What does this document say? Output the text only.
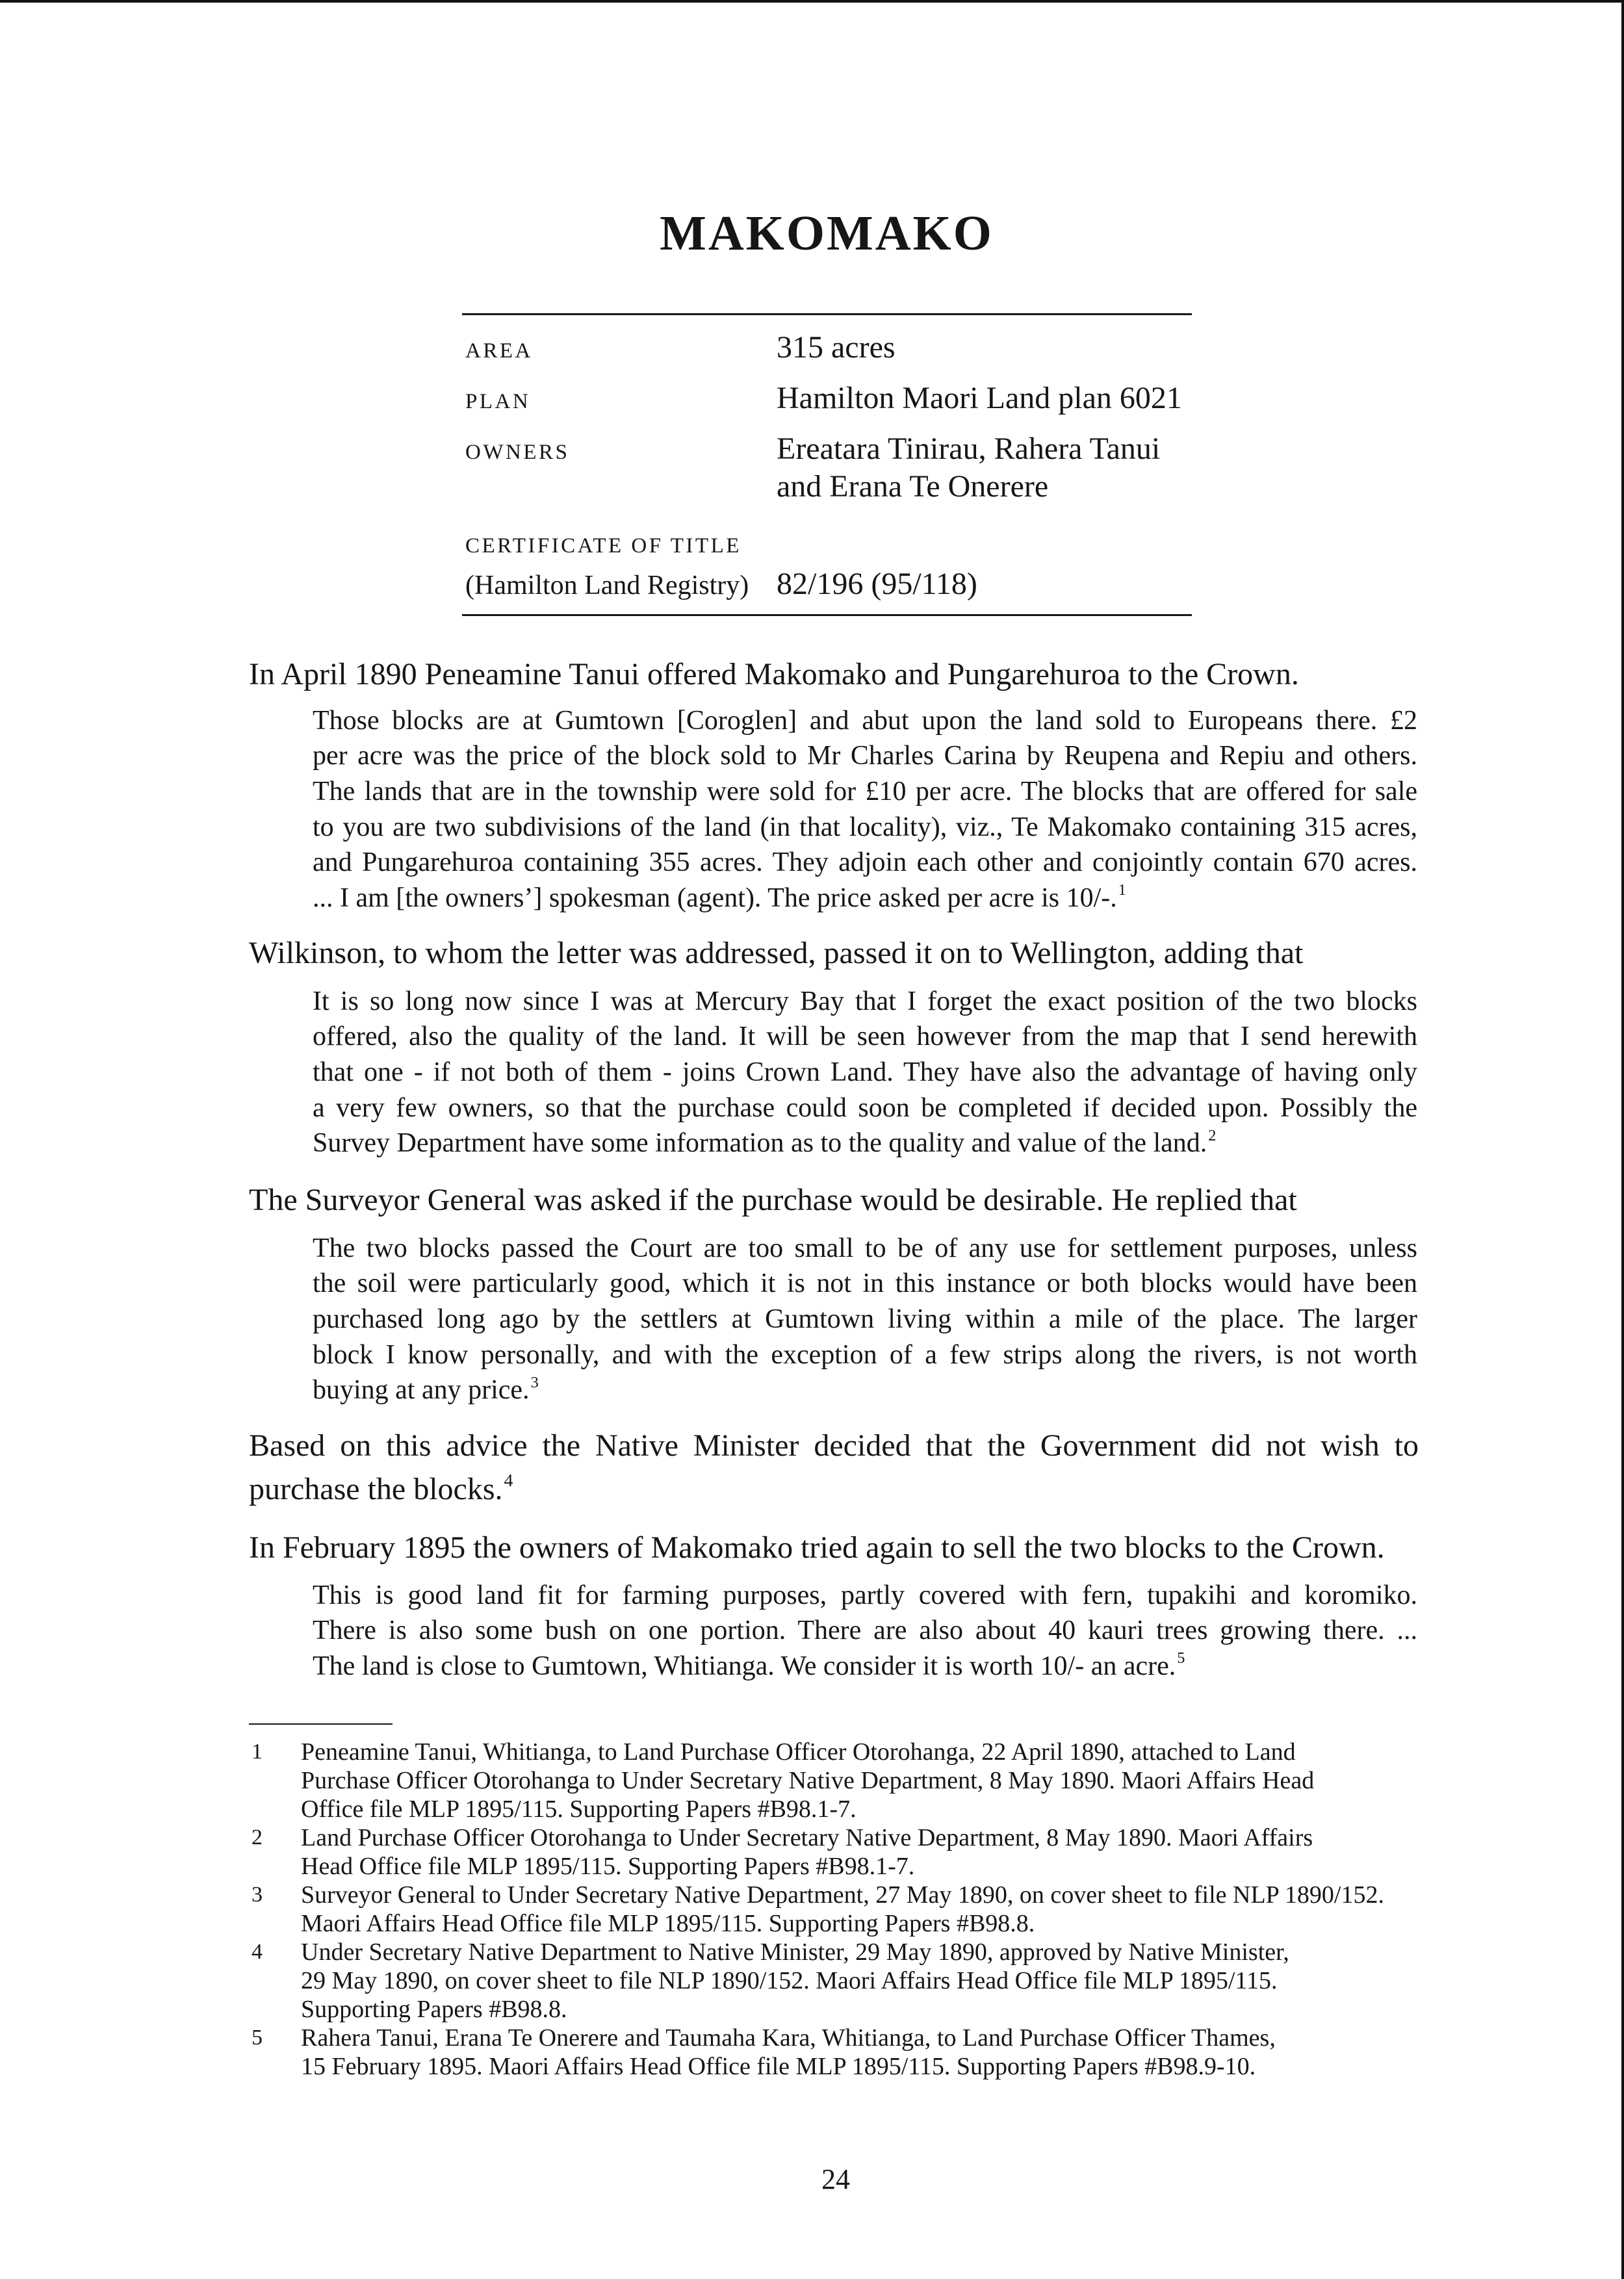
MAKOMAKO
AREA	315 acres
PLAN	Hamilton Maori Land plan 6021
OWNERS	Ereatara Tinirau, Rahera Tanui
and Erana Te Onerere
CERTIFICATE OF TITLE
(Hamilton Land Registry) 82/196 (95/118)
In April 1890 Peneamine Tanui offered Makomako and Pungarehuroa to the Crown.
Those blocks are at Gumtown [Coroglen] and abut upon the land sold to Europeans there. £2
per acre was the price of the block sold to Mr Charles Carina by Reupena and Repiu and others.
The lands that are in the township were sold for £10 per acre. The blocks that are offered for sale
to you are two subdivisions of the land (in that locality), viz., Te Makomako containing 315 acres,
and Pungarehuroa containing 355 acres. They adjoin each other and conjointly contain 670 acres.
... I am [the owners’] spokesman (agent). The price asked per acre is 10/-.$^1$
Wilkinson, to whom the letter was addressed, passed it on to Wellington, adding that
It is so long now since I was at Mercury Bay that I forget the exact position of the two blocks
offered, also the quality of the land. It will be seen however from the map that I send herewith
that one - if not both of them - joins Crown Land. They have also the advantage of having only
a very few owners, so that the purchase could soon be completed if decided upon. Possibly the
Survey Department have some information as to the quality and value of the land.$^2$
The Surveyor General was asked if the purchase would be desirable. He replied that
The two blocks passed the Court are too small to be of any use for settlement purposes, unless
the soil were particularly good, which it is not in this instance or both blocks would have been
purchased long ago by the settlers at Gumtown living within a mile of the place. The larger
block I know personally, and with the exception of a few strips along the rivers, is not worth
buying at any price.$^3$
Based on this advice the Native Minister decided that the Government did not wish to
purchase the blocks.$^4$
In February 1895 the owners of Makomako tried again to sell the two blocks to the Crown.
This is good land fit for farming purposes, partly covered with fern, tupakihi and koromiko.
There is also some bush on one portion. There are also about 40 kauri trees growing there. ...
The land is close to Gumtown, Whitianga. We consider it is worth 10/- an acre.$^5$
1 Peneamine Tanui, Whitianga, to Land Purchase Officer Otorohanga, 22 April 1890, attached to Land
Purchase Officer Otorohanga to Under Secretary Native Department, 8 May 1890. Maori Affairs Head
Office file MLP 1895/115. Supporting Papers #B98.1-7.
2 Land Purchase Officer Otorohanga to Under Secretary Native Department, 8 May 1890. Maori Affairs
Head Office file MLP 1895/115. Supporting Papers #B98.1-7.
3 Surveyor General to Under Secretary Native Department, 27 May 1890, on cover sheet to file NLP 1890/152.
Maori Affairs Head Office file MLP 1895/115. Supporting Papers #B98.8.
4 Under Secretary Native Department to Native Minister, 29 May 1890, approved by Native Minister,
29 May 1890, on cover sheet to file NLP 1890/152. Maori Affairs Head Office file MLP 1895/115.
Supporting Papers #B98.8.
5 Rahera Tanui, Erana Te Onerere and Taumaha Kara, Whitianga, to Land Purchase Officer Thames,
15 February 1895. Maori Affairs Head Office file MLP 1895/115. Supporting Papers #B98.9-10.
24
